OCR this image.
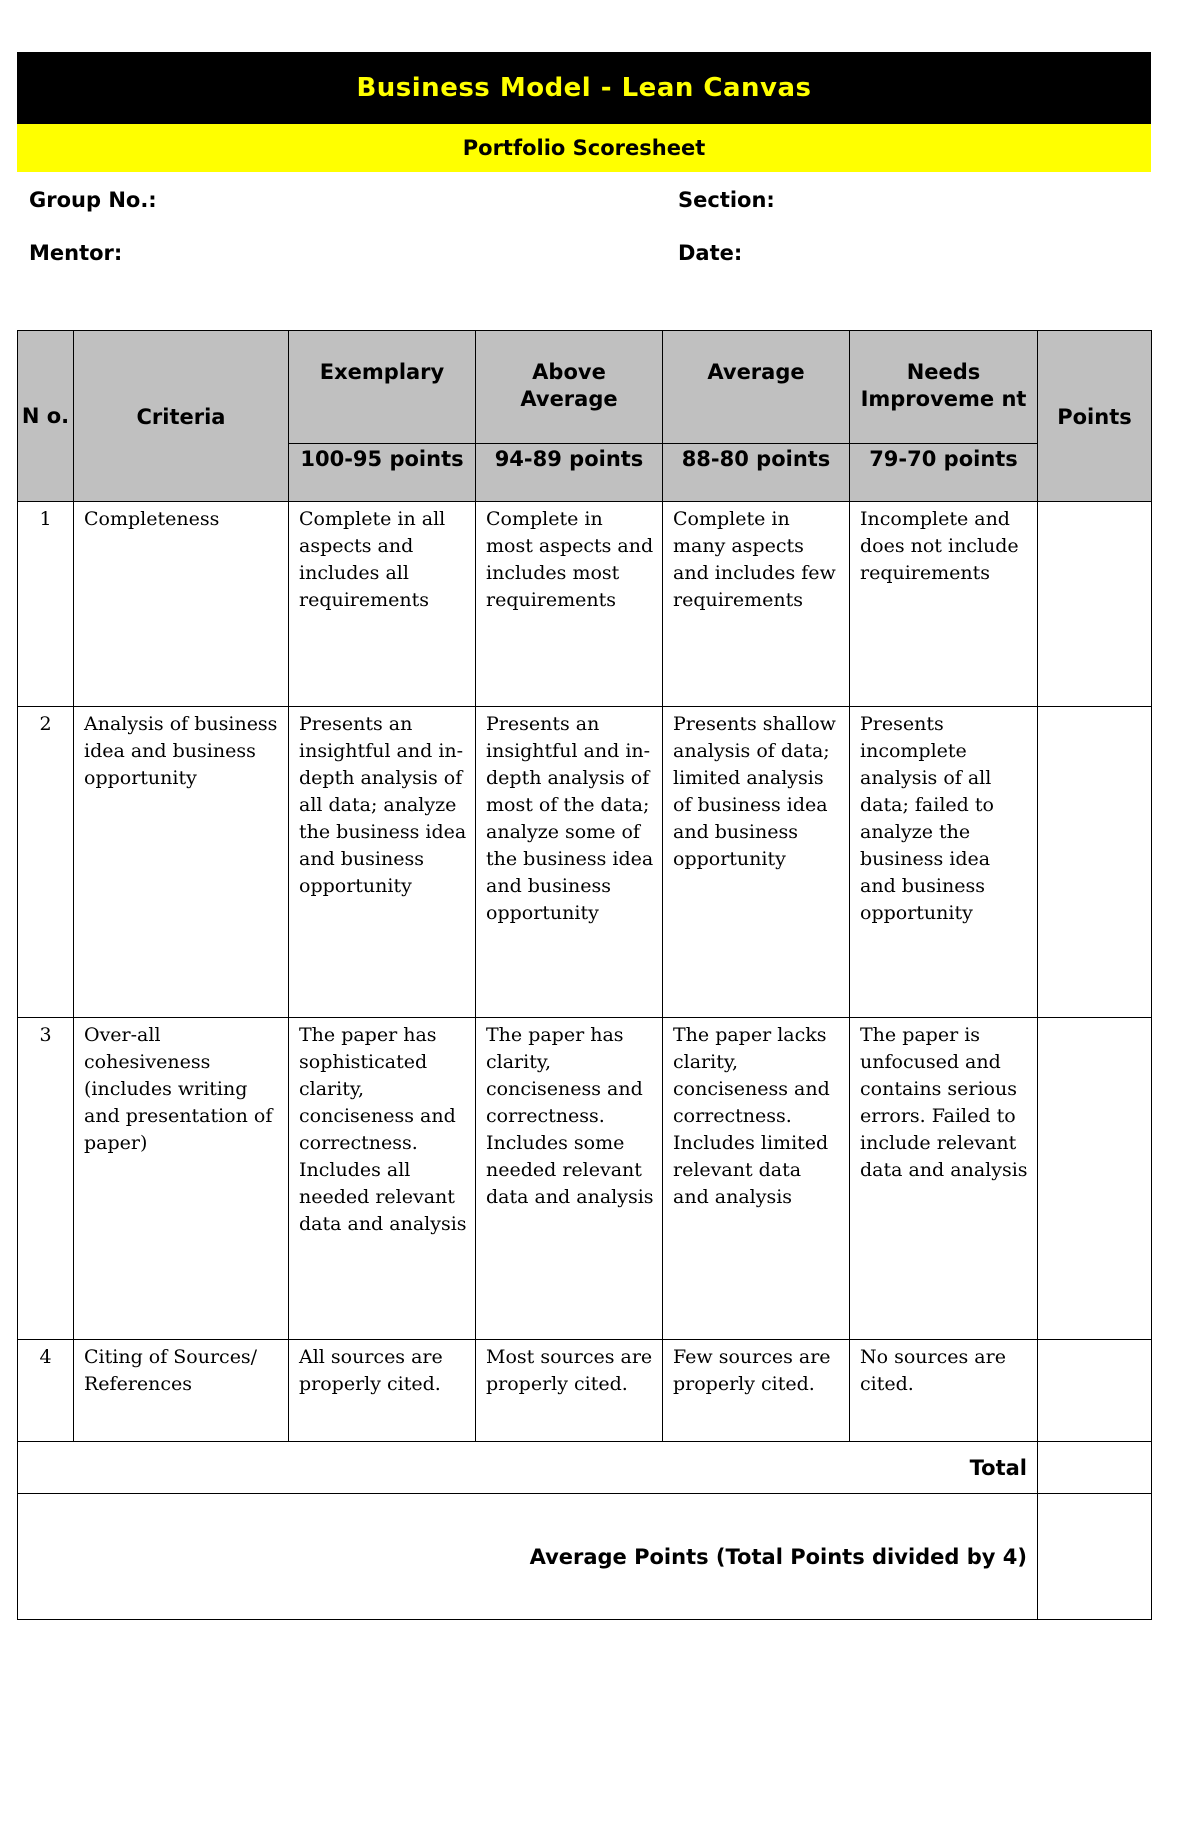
Business Model - Lean Canvas
Portfolio Scoresheet
Group No.:	Section:
Mentor:	Date:
N o.	Criteria	Exemplary	Above Average	Average	Needs Improveme nt	Points

		100-95 points	94-89 points	88-80 points	79-70 points	

1	Completeness	Complete in all aspects and includes all requirements	Complete in most aspects and includes most requirements	Complete in many aspects and includes few requirements	Incomplete and does not include requirements	
2	Analysis of business idea and business opportunity	Presents an insightful and in-depth analysis of all data; analyze the business idea and business opportunity	Presents an insightful and in-depth analysis of most of the data; analyze some of the business idea and business opportunity	Presents shallow analysis of data; limited analysis of business idea and business opportunity	Presents incomplete analysis of all data; failed to analyze the business idea and business opportunity	
3	Over-all cohesiveness (includes writing and presentation of paper)	The paper has sophisticated clarity, conciseness and correctness. Includes all needed relevant data and analysis	The paper has clarity, conciseness and correctness. Includes some needed relevant data and analysis	The paper lacks clarity, conciseness and correctness. Includes limited relevant data and analysis	The paper is unfocused and contains serious errors. Failed to include relevant data and analysis	
4	Citing of Sources/ References	All sources are properly cited.	Most sources are properly cited.	Few sources are properly cited.	No sources are cited.	
Total						
Average Points (Total Points divided by 4)						
